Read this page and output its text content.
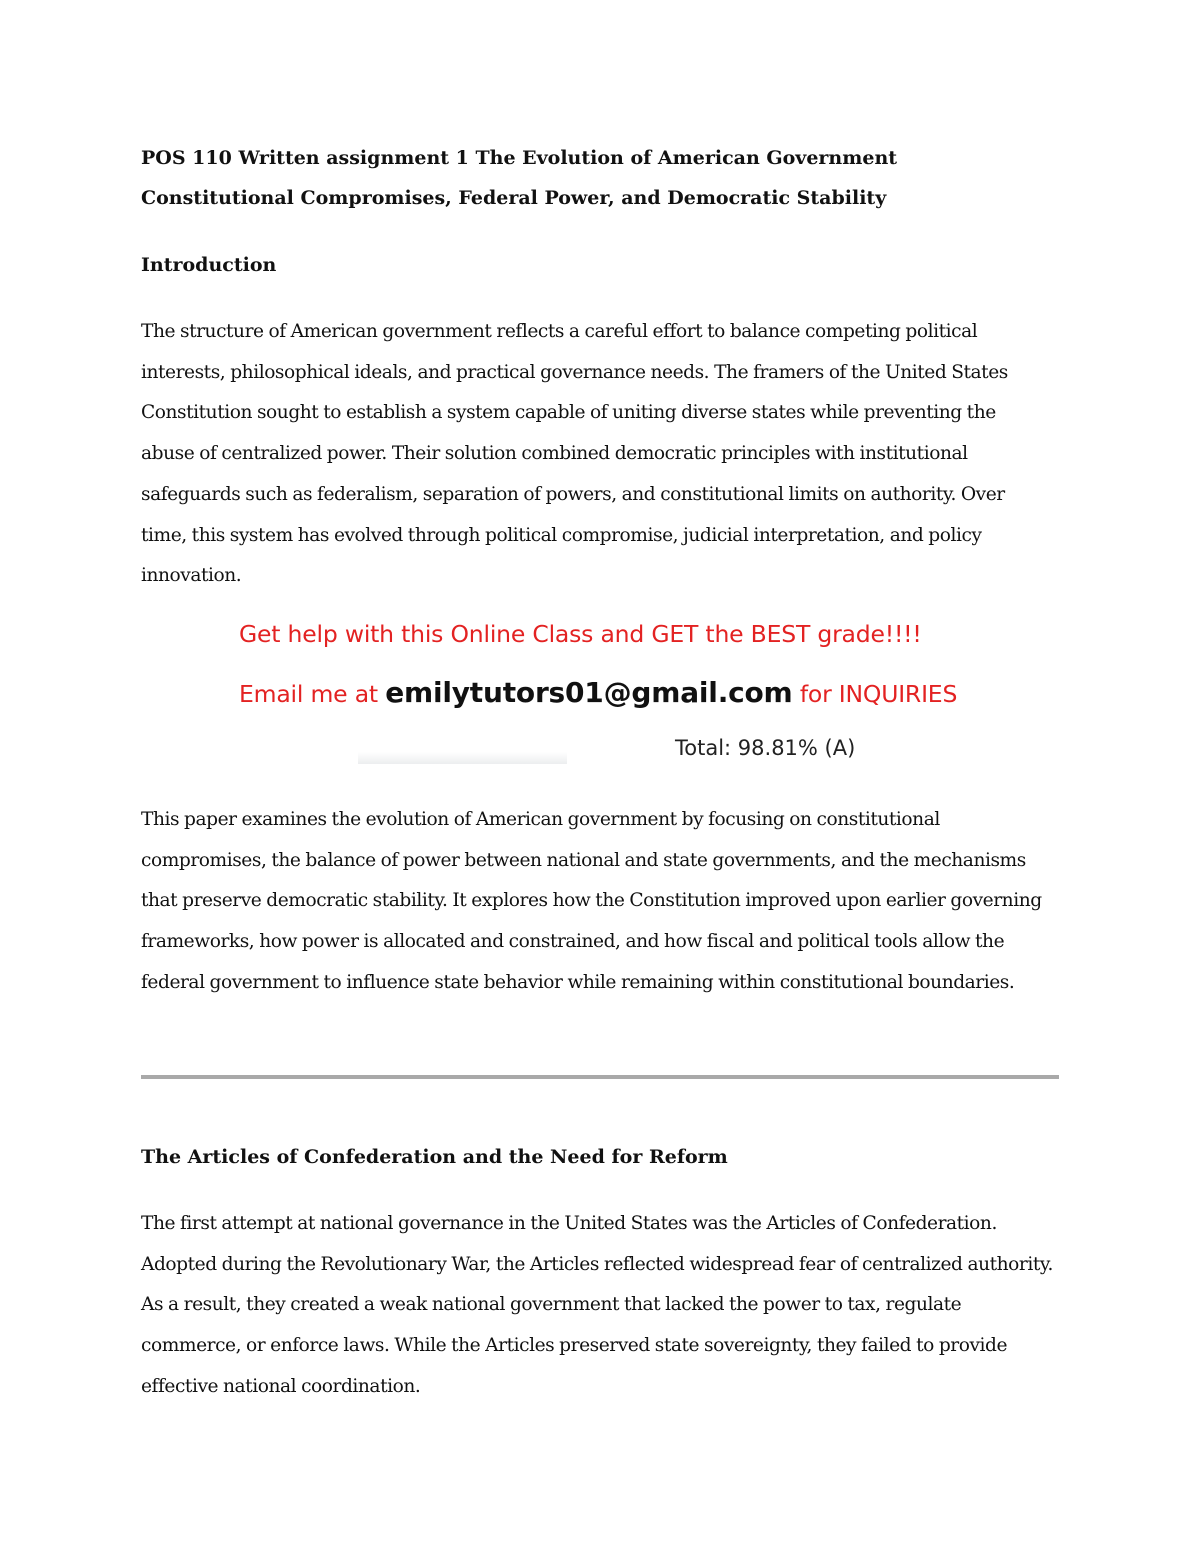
POS 110 Written assignment 1 The Evolution of American Government Constitutional Compromises, Federal Power, and Democratic Stability

Introduction

The structure of American government reflects a careful effort to balance competing political interests, philosophical ideals, and practical governance needs. The framers of the United States Constitution sought to establish a system capable of uniting diverse states while preventing the abuse of centralized power. Their solution combined democratic principles with institutional safeguards such as federalism, separation of powers, and constitutional limits on authority. Over time, this system has evolved through political compromise, judicial interpretation, and policy innovation.

Get help with this Online Class and GET the BEST grade!!!!

Email me at emilytutors01@gmail.com for INQUIRIES

Total: 98.81% (A)

This paper examines the evolution of American government by focusing on constitutional compromises, the balance of power between national and state governments, and the mechanisms that preserve democratic stability. It explores how the Constitution improved upon earlier governing frameworks, how power is allocated and constrained, and how fiscal and political tools allow the federal government to influence state behavior while remaining within constitutional boundaries.

The Articles of Confederation and the Need for Reform

The first attempt at national governance in the United States was the Articles of Confederation. Adopted during the Revolutionary War, the Articles reflected widespread fear of centralized authority. As a result, they created a weak national government that lacked the power to tax, regulate commerce, or enforce laws. While the Articles preserved state sovereignty, they failed to provide effective national coordination.
